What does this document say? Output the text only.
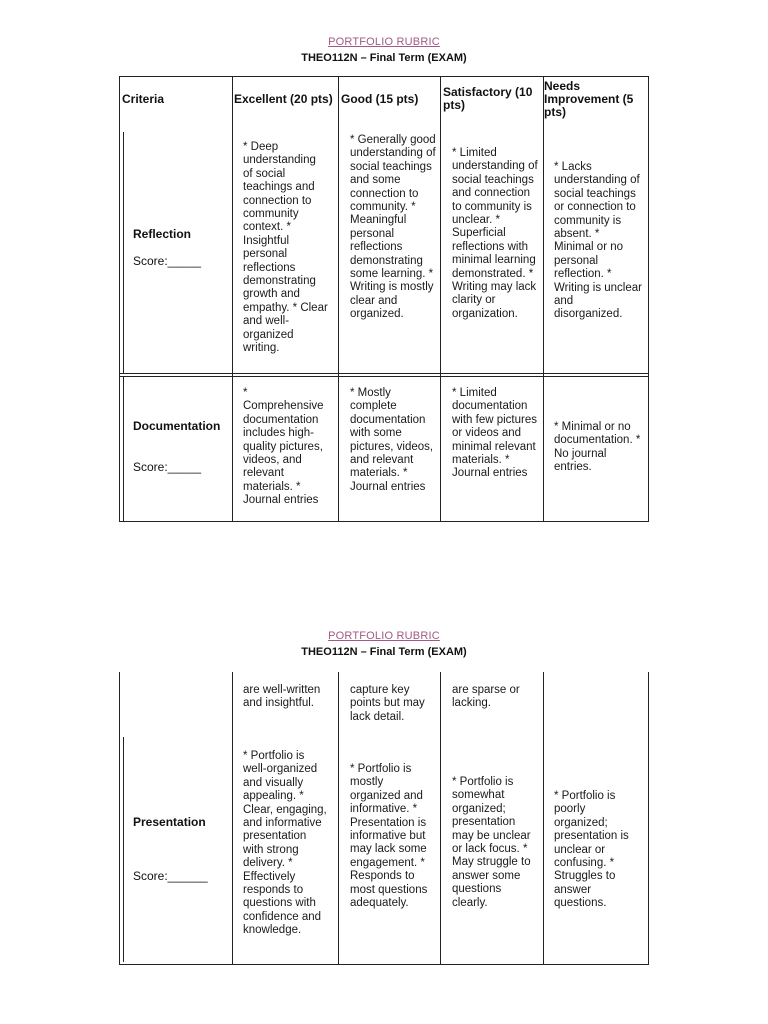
PORTFOLIO RUBRIC
THEO112N – Final Term (EXAM)
Criteria	Excellent (20 pts) Good (15 pts)	Satisfactory (10 pts)
Needs Improvement (5 pts)
Reflection
Score:_____
* Deep understanding of social teachings and connection to community context. * Insightful personal reflections demonstrating growth and empathy. * Clear and well-organized writing.
* Generally good understanding of social teachings and some connection to community. * Meaningful personal reflections demonstrating some learning. * Writing is mostly clear and organized.
* Limited understanding of social teachings and connection to community is unclear. * Superficial reflections with minimal learning demonstrated. * Writing may lack clarity or organization.
* Lacks understanding of social teachings or connection to community is absent. * Minimal or no personal reflection. * Writing is unclear and disorganized.
Documentation
Score:_____
* Comprehensive documentation includes high-quality pictures, videos, and relevant materials. * Journal entries
* Mostly complete documentation with some pictures, videos, and relevant materials. * Journal entries
* Limited documentation with few pictures or videos and minimal relevant materials. * Journal entries
* Minimal or no documentation. * No journal entries.
PORTFOLIO RUBRIC
THEO112N – Final Term (EXAM)
are well-written and insightful.
capture key points but may lack detail.
are sparse or lacking.
Presentation
Score:______
* Portfolio is well-organized and visually appealing. * Clear, engaging, and informative presentation with strong delivery. * Effectively responds to questions with confidence and knowledge.
* Portfolio is mostly organized and informative. * Presentation is informative but may lack some engagement. * Responds to most questions adequately.
* Portfolio is somewhat organized; presentation may be unclear or lack focus. * May struggle to answer some questions clearly.
* Portfolio is poorly organized; presentation is unclear or confusing. * Struggles to answer questions.
